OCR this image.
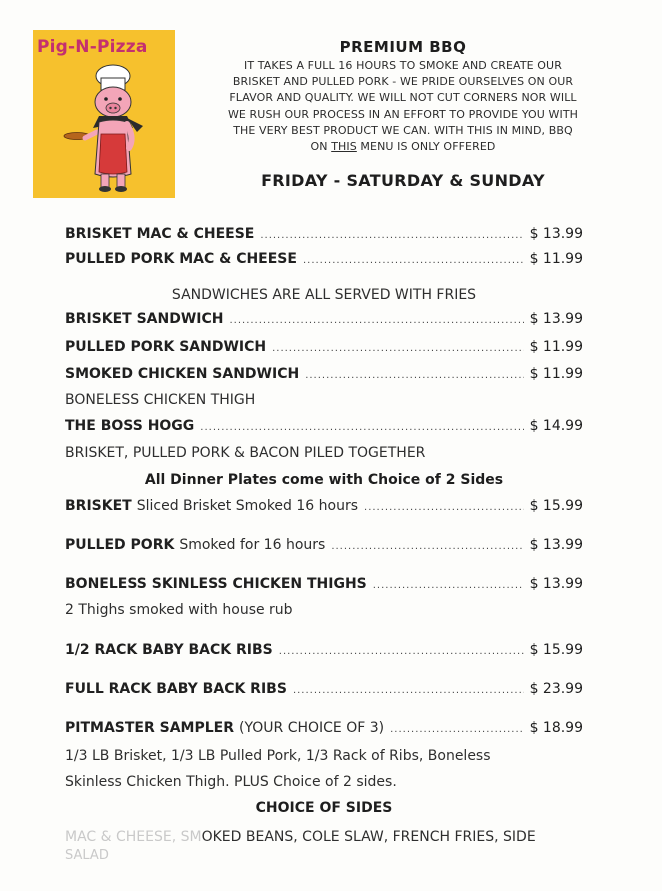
Pig-N-Pizza	PREMIUM BBQ
IT TAKES A FULL 16 HOURS TO SMOKE AND CREATE OUR
BRISKET AND PULLED PORK - WE PRIDE OURSELVES ON OUR
FLAVOR AND QUALITY. WE WILL NOT CUT CORNERS NOR WILL
WE RUSH OUR PROCESS IN AN EFFORT TO PROVIDE YOU WITH
THE VERY BEST PRODUCT WE CAN. WITH THIS IN MIND, BBQ
ON THIS MENU IS ONLY OFFERED
FRIDAY - SATURDAY & SUNDAY
BRISKET MAC & CHEESE .....	$ 13.99
PULLED PORK MAC & CHEESE .....	$ 11.99
SANDWICHES ARE ALL SERVED WITH FRIES
BRISKET SANDWICH .....	$ 13.99
PULLED PORK SANDWICH .....	$ 11.99
SMOKED CHICKEN SANDWICH .....	$ 11.99
BONELESS CHICKEN THIGH
THE BOSS HOGG .....	$ 14.99
BRISKET, PULLED PORK & BACON PILED TOGETHER
All Dinner Plates come with Choice of 2 Sides
BRISKET Sliced Brisket Smoked 16 hours .....	$ 15.99
PULLED PORK Smoked for 16 hours .....	$ 13.99
BONELESS SKINLESS CHICKEN THIGHS .....	$ 13.99
2 Thighs smoked with house rub
1/2 RACK BABY BACK RIBS .....	$ 15.99
FULL RACK BABY BACK RIBS .....	$ 23.99
PITMASTER SAMPLER (YOUR CHOICE OF 3) .....	$ 18.99
1/3 LB Brisket, 1/3 LB Pulled Pork, 1/3 Rack of Ribs, Boneless
Skinless Chicken Thigh. PLUS Choice of 2 sides.
CHOICE OF SIDES
MAC & CHEESE, SMOKED BEANS, COLE SLAW, FRENCH FRIES, SIDE
SALAD
